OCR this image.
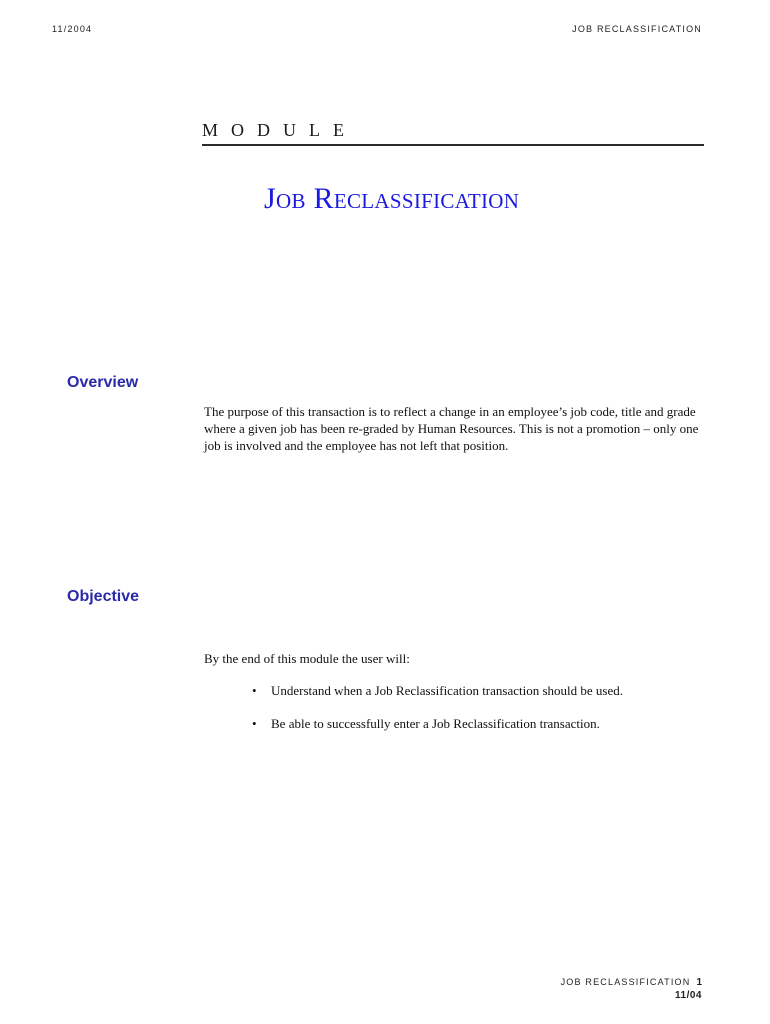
11/2004	JOB RECLASSIFICATION
MODULE
Job Reclassification
Overview
The purpose of this transaction is to reflect a change in an employee’s job code, title and grade where a given job has been re-graded by Human Resources. This is not a promotion – only one job is involved and the employee has not left that position.
Objective
By the end of this module the user will:
• Understand when a Job Reclassification transaction should be used.
• Be able to successfully enter a Job Reclassification transaction.
JOB RECLASSIFICATION 1
11/04
